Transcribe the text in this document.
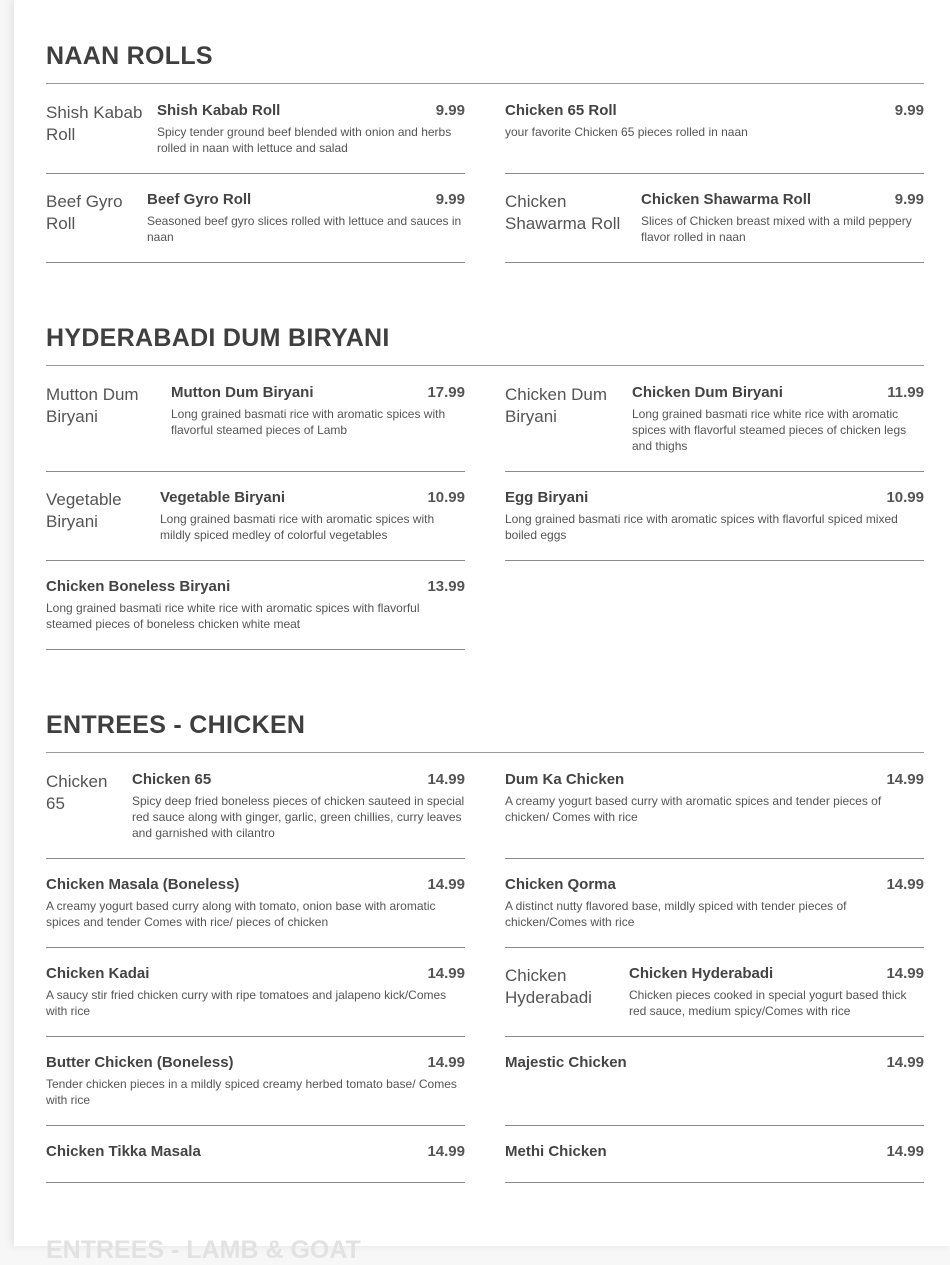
NAAN ROLLS
Shish Kabab Roll
Shish Kabab Roll	9.99
Spicy tender ground beef blended with onion and herbs rolled in naan with lettuce and salad
Chicken 65 Roll	9.99
your favorite Chicken 65 pieces rolled in naan
Beef Gyro Roll
Beef Gyro Roll	9.99
Seasoned beef gyro slices rolled with lettuce and sauces in naan
Chicken Shawarma Roll
Chicken Shawarma Roll	9.99
Slices of Chicken breast mixed with a mild peppery flavor rolled in naan
HYDERABADI DUM BIRYANI
Mutton Dum Biryani
Mutton Dum Biryani	17.99
Long grained basmati rice with aromatic spices with flavorful steamed pieces of Lamb
Chicken Dum Biryani
Chicken Dum Biryani	11.99
Long grained basmati rice white rice with aromatic spices with flavorful steamed pieces of chicken legs and thighs
Vegetable Biryani
Vegetable Biryani	10.99
Long grained basmati rice with aromatic spices with mildly spiced medley of colorful vegetables
Egg Biryani	10.99
Long grained basmati rice with aromatic spices with flavorful spiced mixed boiled eggs
Chicken Boneless Biryani	13.99
Long grained basmati rice white rice with aromatic spices with flavorful steamed pieces of boneless chicken white meat
ENTREES - CHICKEN
Chicken 65
Chicken 65	14.99
Spicy deep fried boneless pieces of chicken sauteed in special red sauce along with ginger, garlic, green chillies, curry leaves and garnished with cilantro
Dum Ka Chicken	14.99
A creamy yogurt based curry with aromatic spices and tender pieces of chicken/ Comes with rice
Chicken Masala (Boneless)	14.99
A creamy yogurt based curry along with tomato, onion base with aromatic spices and tender Comes with rice/ pieces of chicken
Chicken Qorma	14.99
A distinct nutty flavored base, mildly spiced with tender pieces of chicken/Comes with rice
Chicken Kadai	14.99
A saucy stir fried chicken curry with ripe tomatoes and jalapeno kick/Comes with rice
Chicken Hyderabadi
Chicken Hyderabadi	14.99
Chicken pieces cooked in special yogurt based thick red sauce, medium spicy/Comes with rice
Butter Chicken (Boneless)	14.99
Tender chicken pieces in a mildly spiced creamy herbed tomato base/ Comes with rice
Majestic Chicken	14.99
Chicken Tikka Masala	14.99	Methi Chicken	14.99
ENTREES - LAMB & GOAT
